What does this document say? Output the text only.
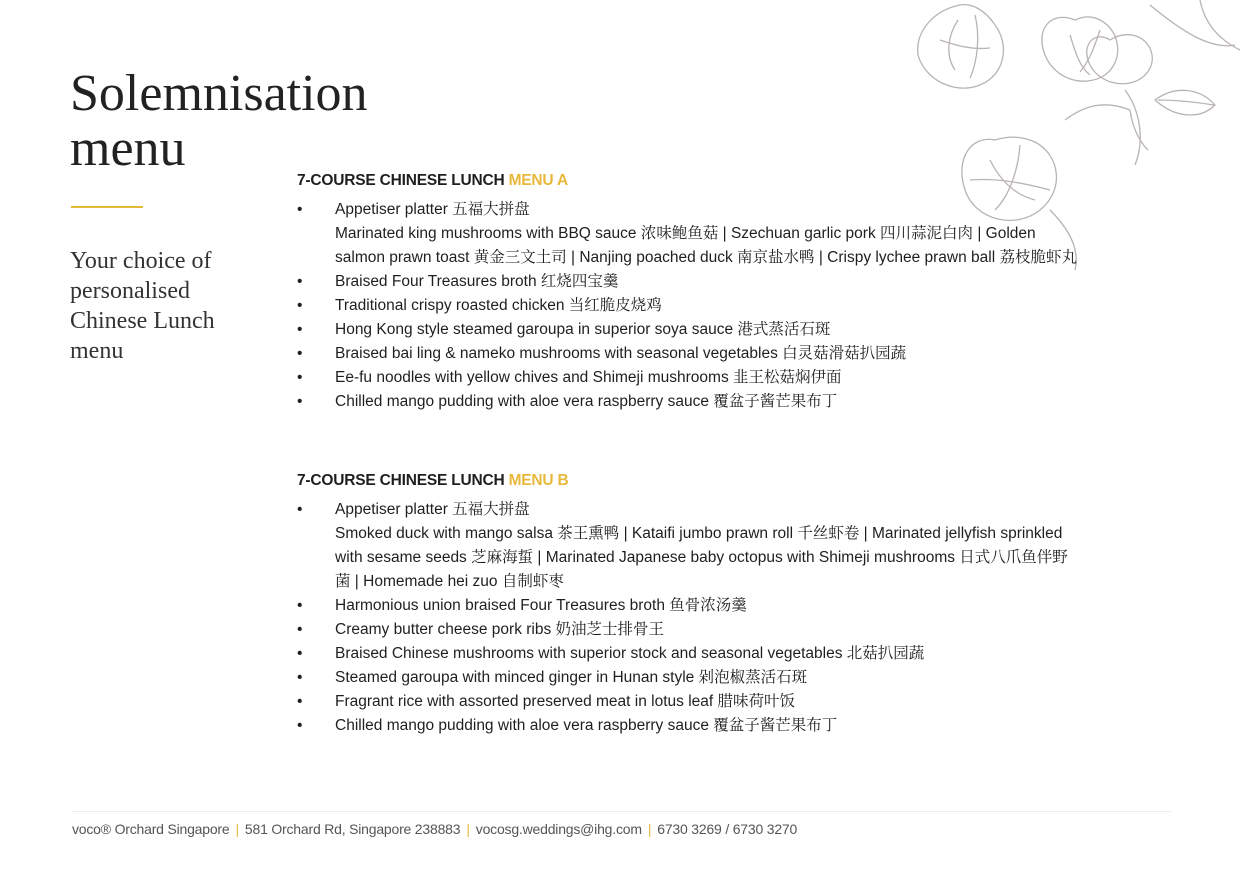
Solemnisation
menu

Your choice of personalised Chinese Lunch menu

7-COURSE CHINESE LUNCH MENU A
• Appetiser platter 五福大拼盘
Marinated king mushrooms with BBQ sauce 浓味鲍鱼菇 | Szechuan garlic pork 四川蒜泥白肉 | Golden salmon prawn toast 黄金三文土司 | Nanjing poached duck 南京盐水鸭 | Crispy lychee prawn ball 荔枝脆虾丸
• Braised Four Treasures broth 红烧四宝羹
• Traditional crispy roasted chicken 当红脆皮烧鸡
• Hong Kong style steamed garoupa in superior soya sauce 港式蒸活石斑
• Braised bai ling & nameko mushrooms with seasonal vegetables 白灵菇滑菇扒园蔬
• Ee-fu noodles with yellow chives and Shimeji mushrooms 韭王松菇焖伊面
• Chilled mango pudding with aloe vera raspberry sauce 覆盆子酱芒果布丁
7-COURSE CHINESE LUNCH MENU B
• Appetiser platter 五福大拼盘
Smoked duck with mango salsa 茶王熏鸭 | Kataifi jumbo prawn roll 千丝虾卷 | Marinated jellyfish sprinkled with sesame seeds 芝麻海蜇 | Marinated Japanese baby octopus with Shimeji mushrooms 日式八爪鱼伴野菌 | Homemade hei zuo 自制虾枣
• Harmonious union braised Four Treasures broth 鱼骨浓汤羹
• Creamy butter cheese pork ribs 奶油芝士排骨王
• Braised Chinese mushrooms with superior stock and seasonal vegetables 北菇扒园蔬
• Steamed garoupa with minced ginger in Hunan style 剁泡椒蒸活石斑
• Fragrant rice with assorted preserved meat in lotus leaf 腊味荷叶饭
• Chilled mango pudding with aloe vera raspberry sauce 覆盆子酱芒果布丁
voco® Orchard Singapore | 581 Orchard Rd, Singapore 238883 | vocosg.weddings@ihg.com | 6730 3269 / 6730 3270
